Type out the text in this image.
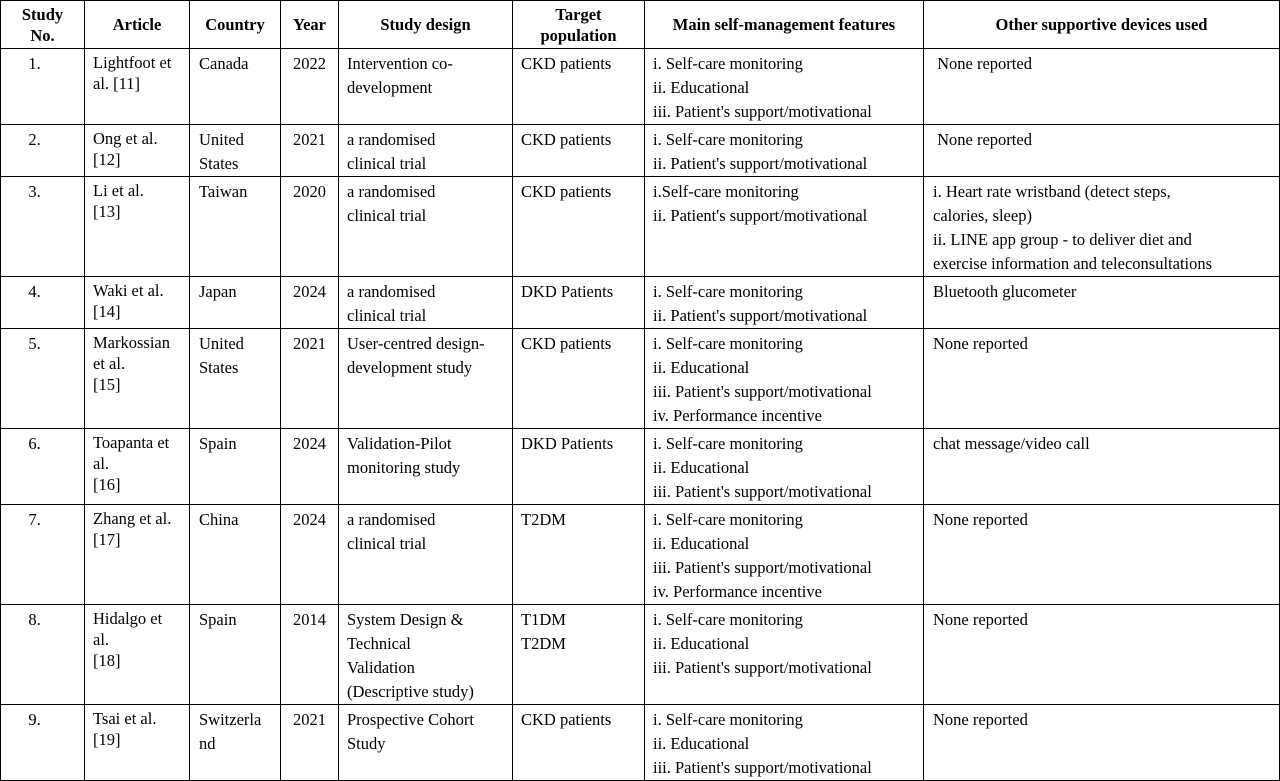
Study
No.	Article	Country	Year	Study design	Target
population	Main self-management features	Other supportive devices used

1.	Lightfoot et
al. [11]	Canada	2022	Intervention co-
development	CKD patients	i. Self-care monitoring
ii. Educational
iii. Patient's support/motivational	None reported

2.	Ong et al.
[12]	United
States	2021	a randomised
clinical trial	CKD patients	i. Self-care monitoring
ii. Patient's support/motivational	None reported

3.	Li et al.
[13]	Taiwan	2020	a randomised
clinical trial	CKD patients	i.Self-care monitoring
ii. Patient's support/motivational	i. Heart rate wristband (detect steps,
calories, sleep)
ii. LINE app group - to deliver diet and
exercise information and teleconsultations

4.	Waki et al.
[14]	Japan	2024	a randomised
clinical trial	DKD Patients	i. Self-care monitoring
ii. Patient's support/motivational	Bluetooth glucometer

5.	Markossian
et al.
[15]	United
States	2021	User-centred design-
development study	CKD patients	i. Self-care monitoring
ii. Educational
iii. Patient's support/motivational
iv. Performance incentive	None reported

6.	Toapanta et
al.
[16]	Spain	2024	Validation-Pilot
monitoring study	DKD Patients	i. Self-care monitoring
ii. Educational
iii. Patient's support/motivational	chat message/video call

7.	Zhang et al.
[17]	China	2024	a randomised
clinical trial	T2DM	i. Self-care monitoring
ii. Educational
iii. Patient's support/motivational
iv. Performance incentive	None reported

8.	Hidalgo et
al.
[18]	Spain	2014	System Design &
Technical
Validation
(Descriptive study)	T1DM
T2DM	i. Self-care monitoring
ii. Educational
iii. Patient's support/motivational	None reported

9.	Tsai et al.
[19]	Switzerla
nd	2021	Prospective Cohort
Study	CKD patients	i. Self-care monitoring
ii. Educational
iii. Patient's support/motivational	None reported
